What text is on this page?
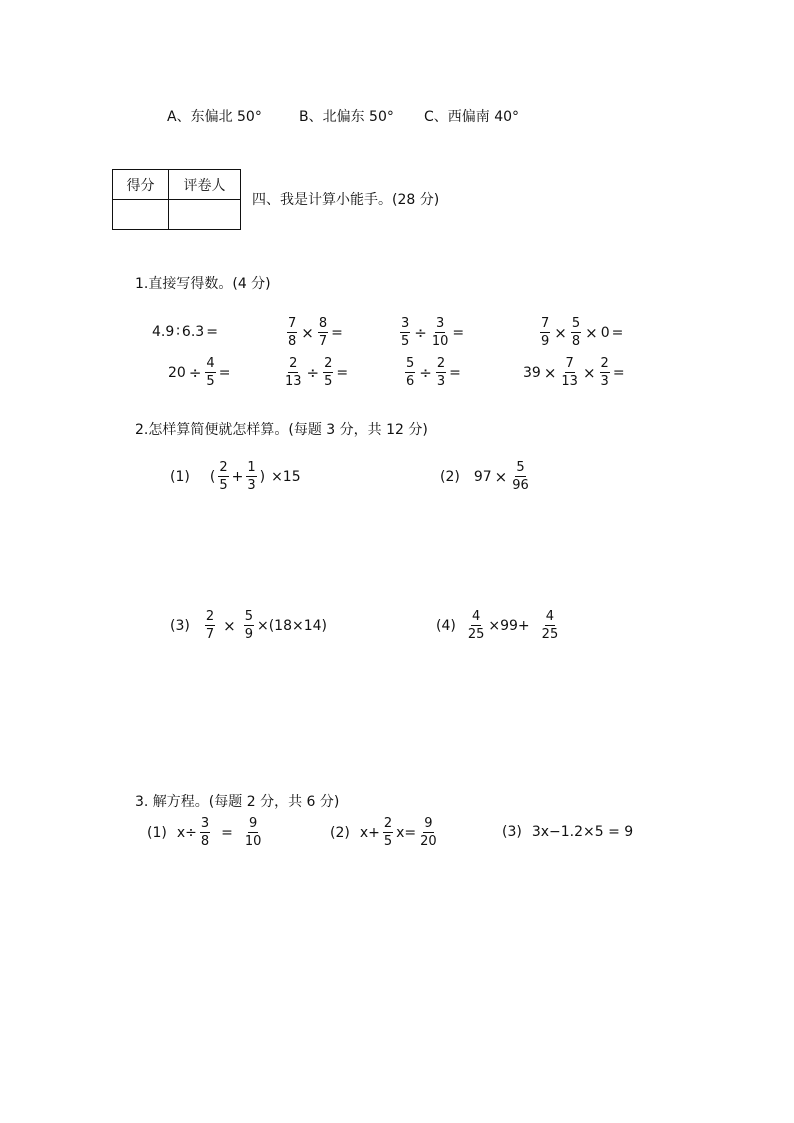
A、东偏北 50°	B、北偏东 50° C、西偏南 40°
得分	评卷人

四、我是计算小能手。(28 分)
1.直接写得数。(4 分)
4.9 ∶ 6.3 =	$\frac{7}{8} \times \frac{8}{7}$ =	$\frac{3}{5} \div \frac{3}{10}$ =	$\frac{7}{9} \times \frac{5}{8} \times 0$ =
$20 \div \frac{4}{5}$ =	$\frac{2}{13} \div \frac{2}{5}$ =	$\frac{5}{6} \div \frac{2}{3}$ =	$39 \times \frac{7}{13} \times \frac{2}{3}$ =
2.怎样算简便就怎样算。(每题 3 分，共 12 分)
(1) ( $\frac{2}{5} + \frac{1}{3}$ ) ×15	(2) $97 \times \frac{5}{96}$
$(3) \frac{2}{7} \times \frac{5}{9} \times(18\times 14)$	$(4) \frac{4}{25} \times 99+ \frac{4}{25}$
3. 解方程。(每题 2 分，共 6 分)
(1) $x\div \frac{3}{8} = \frac{9}{10}$	(2) $x+ \frac{2}{5} x= \frac{9}{20}$	(3) 3x−1.2×5 = 9
